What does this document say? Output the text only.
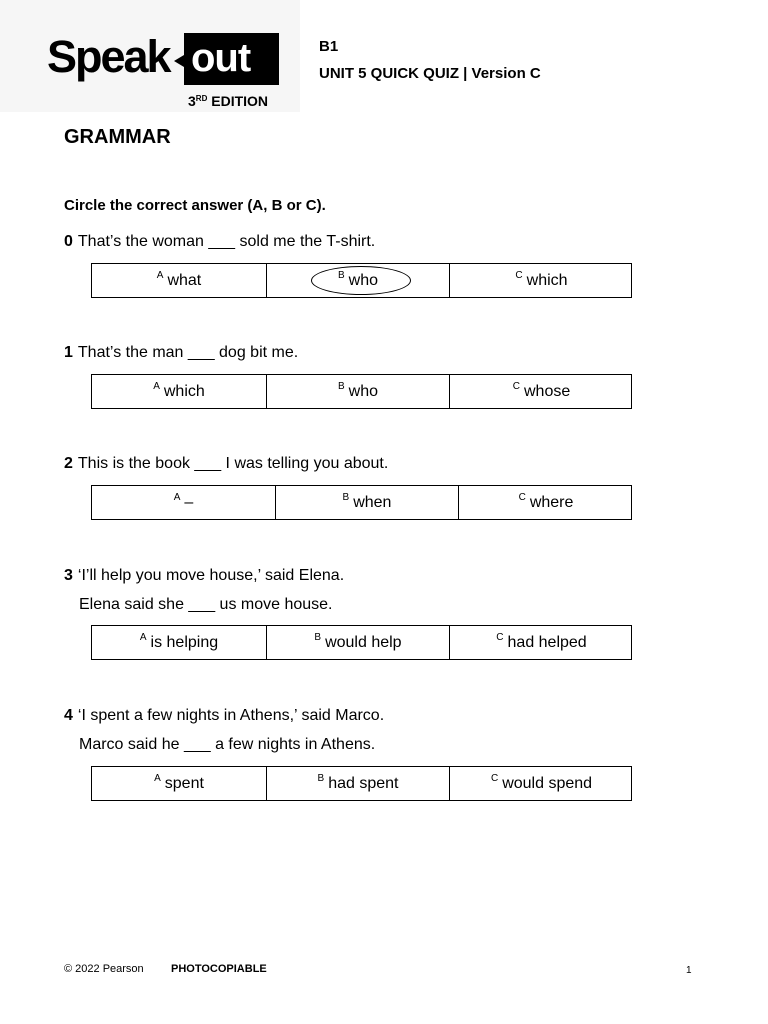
Speak out
3RD EDITION
B1
UNIT 5 QUICK QUIZ | Version C
GRAMMAR
Circle the correct answer (A, B or C).
0 That’s the woman ___ sold me the T-shirt.
A what	B who	C which
1 That’s the man ___ dog bit me.
A which	B who	C whose
2 This is the book ___ I was telling you about.
A –	B when	C where
3 ‘I’ll help you move house,’ said Elena.
Elena said she ___ us move house.
A is helping	B would help	C had helped
4 ‘I spent a few nights in Athens,’ said Marco.
Marco said he ___ a few nights in Athens.
A spent	B had spent	C would spend
© 2022 Pearson PHOTOCOPIABLE	1
